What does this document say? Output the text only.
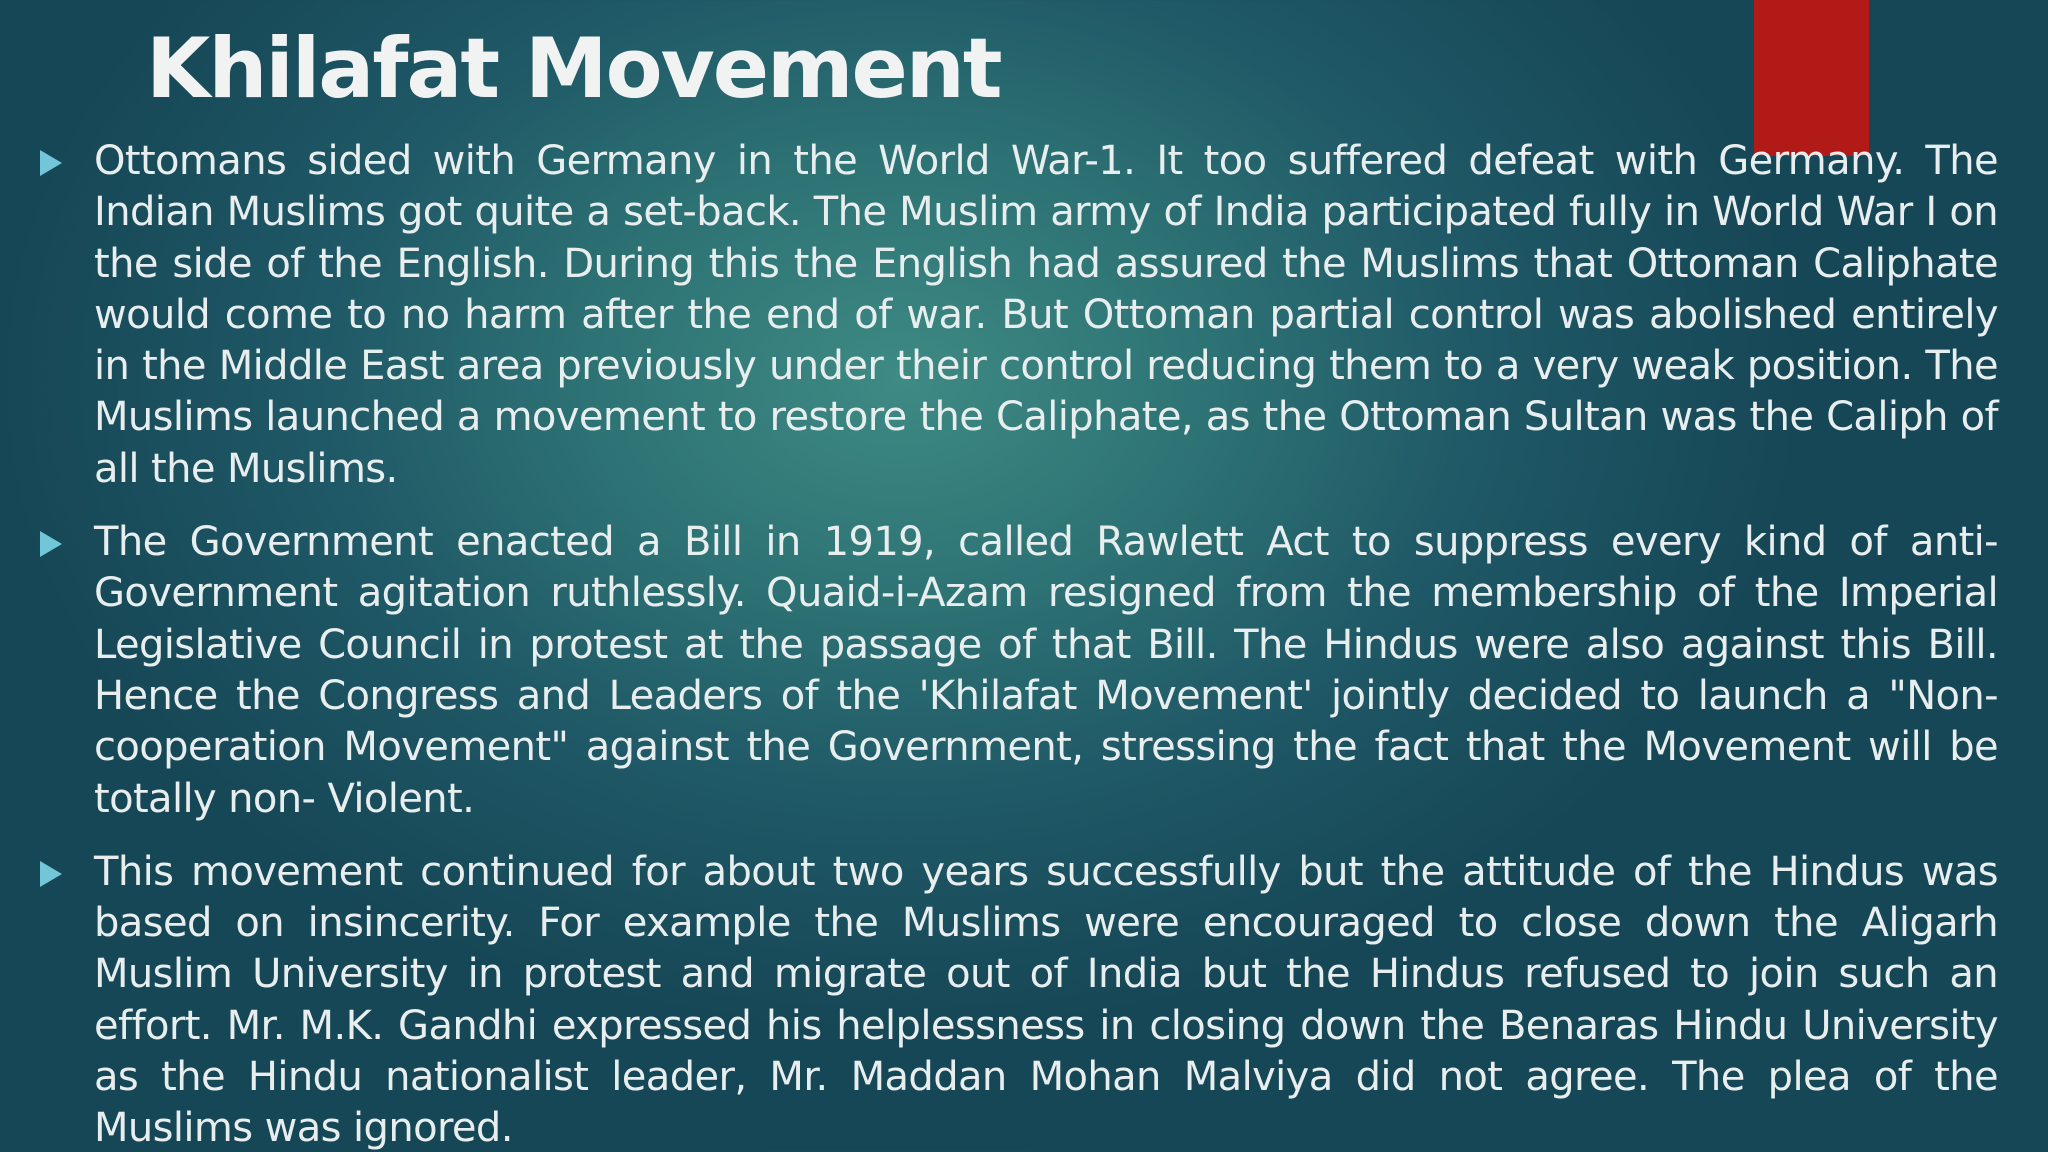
Khilafat Movement
Ottomans sided with Germany in the World War-1. It too suffered defeat with Germany. The Indian Muslims got quite a set-back. The Muslim army of India participated fully in World War I on the side of the English. During this the English had assured the Muslims that Ottoman Caliphate would come to no harm after the end of war. But Ottoman partial control was abolished entirely in the Middle East area previously under their control reducing them to a very weak position. The Muslims launched a movement to restore the Caliphate, as the Ottoman Sultan was the Caliph of all the Muslims.
The Government enacted a Bill in 1919, called Rawlett Act to suppress every kind of anti-Government agitation ruthlessly. Quaid-i-Azam resigned from the membership of the Imperial Legislative Council in protest at the passage of that Bill. The Hindus were also against this Bill. Hence the Congress and Leaders of the 'Khilafat Movement' jointly decided to launch a "Non-cooperation Movement" against the Government, stressing the fact that the Movement will be totally non- Violent.
This movement continued for about two years successfully but the attitude of the Hindus was based on insincerity. For example the Muslims were encouraged to close down the Aligarh Muslim University in protest and migrate out of India but the Hindus refused to join such an effort. Mr. M.K. Gandhi expressed his helplessness in closing down the Benaras Hindu University as the Hindu nationalist leader, Mr. Maddan Mohan Malviya did not agree. The plea of the Muslims was ignored.
